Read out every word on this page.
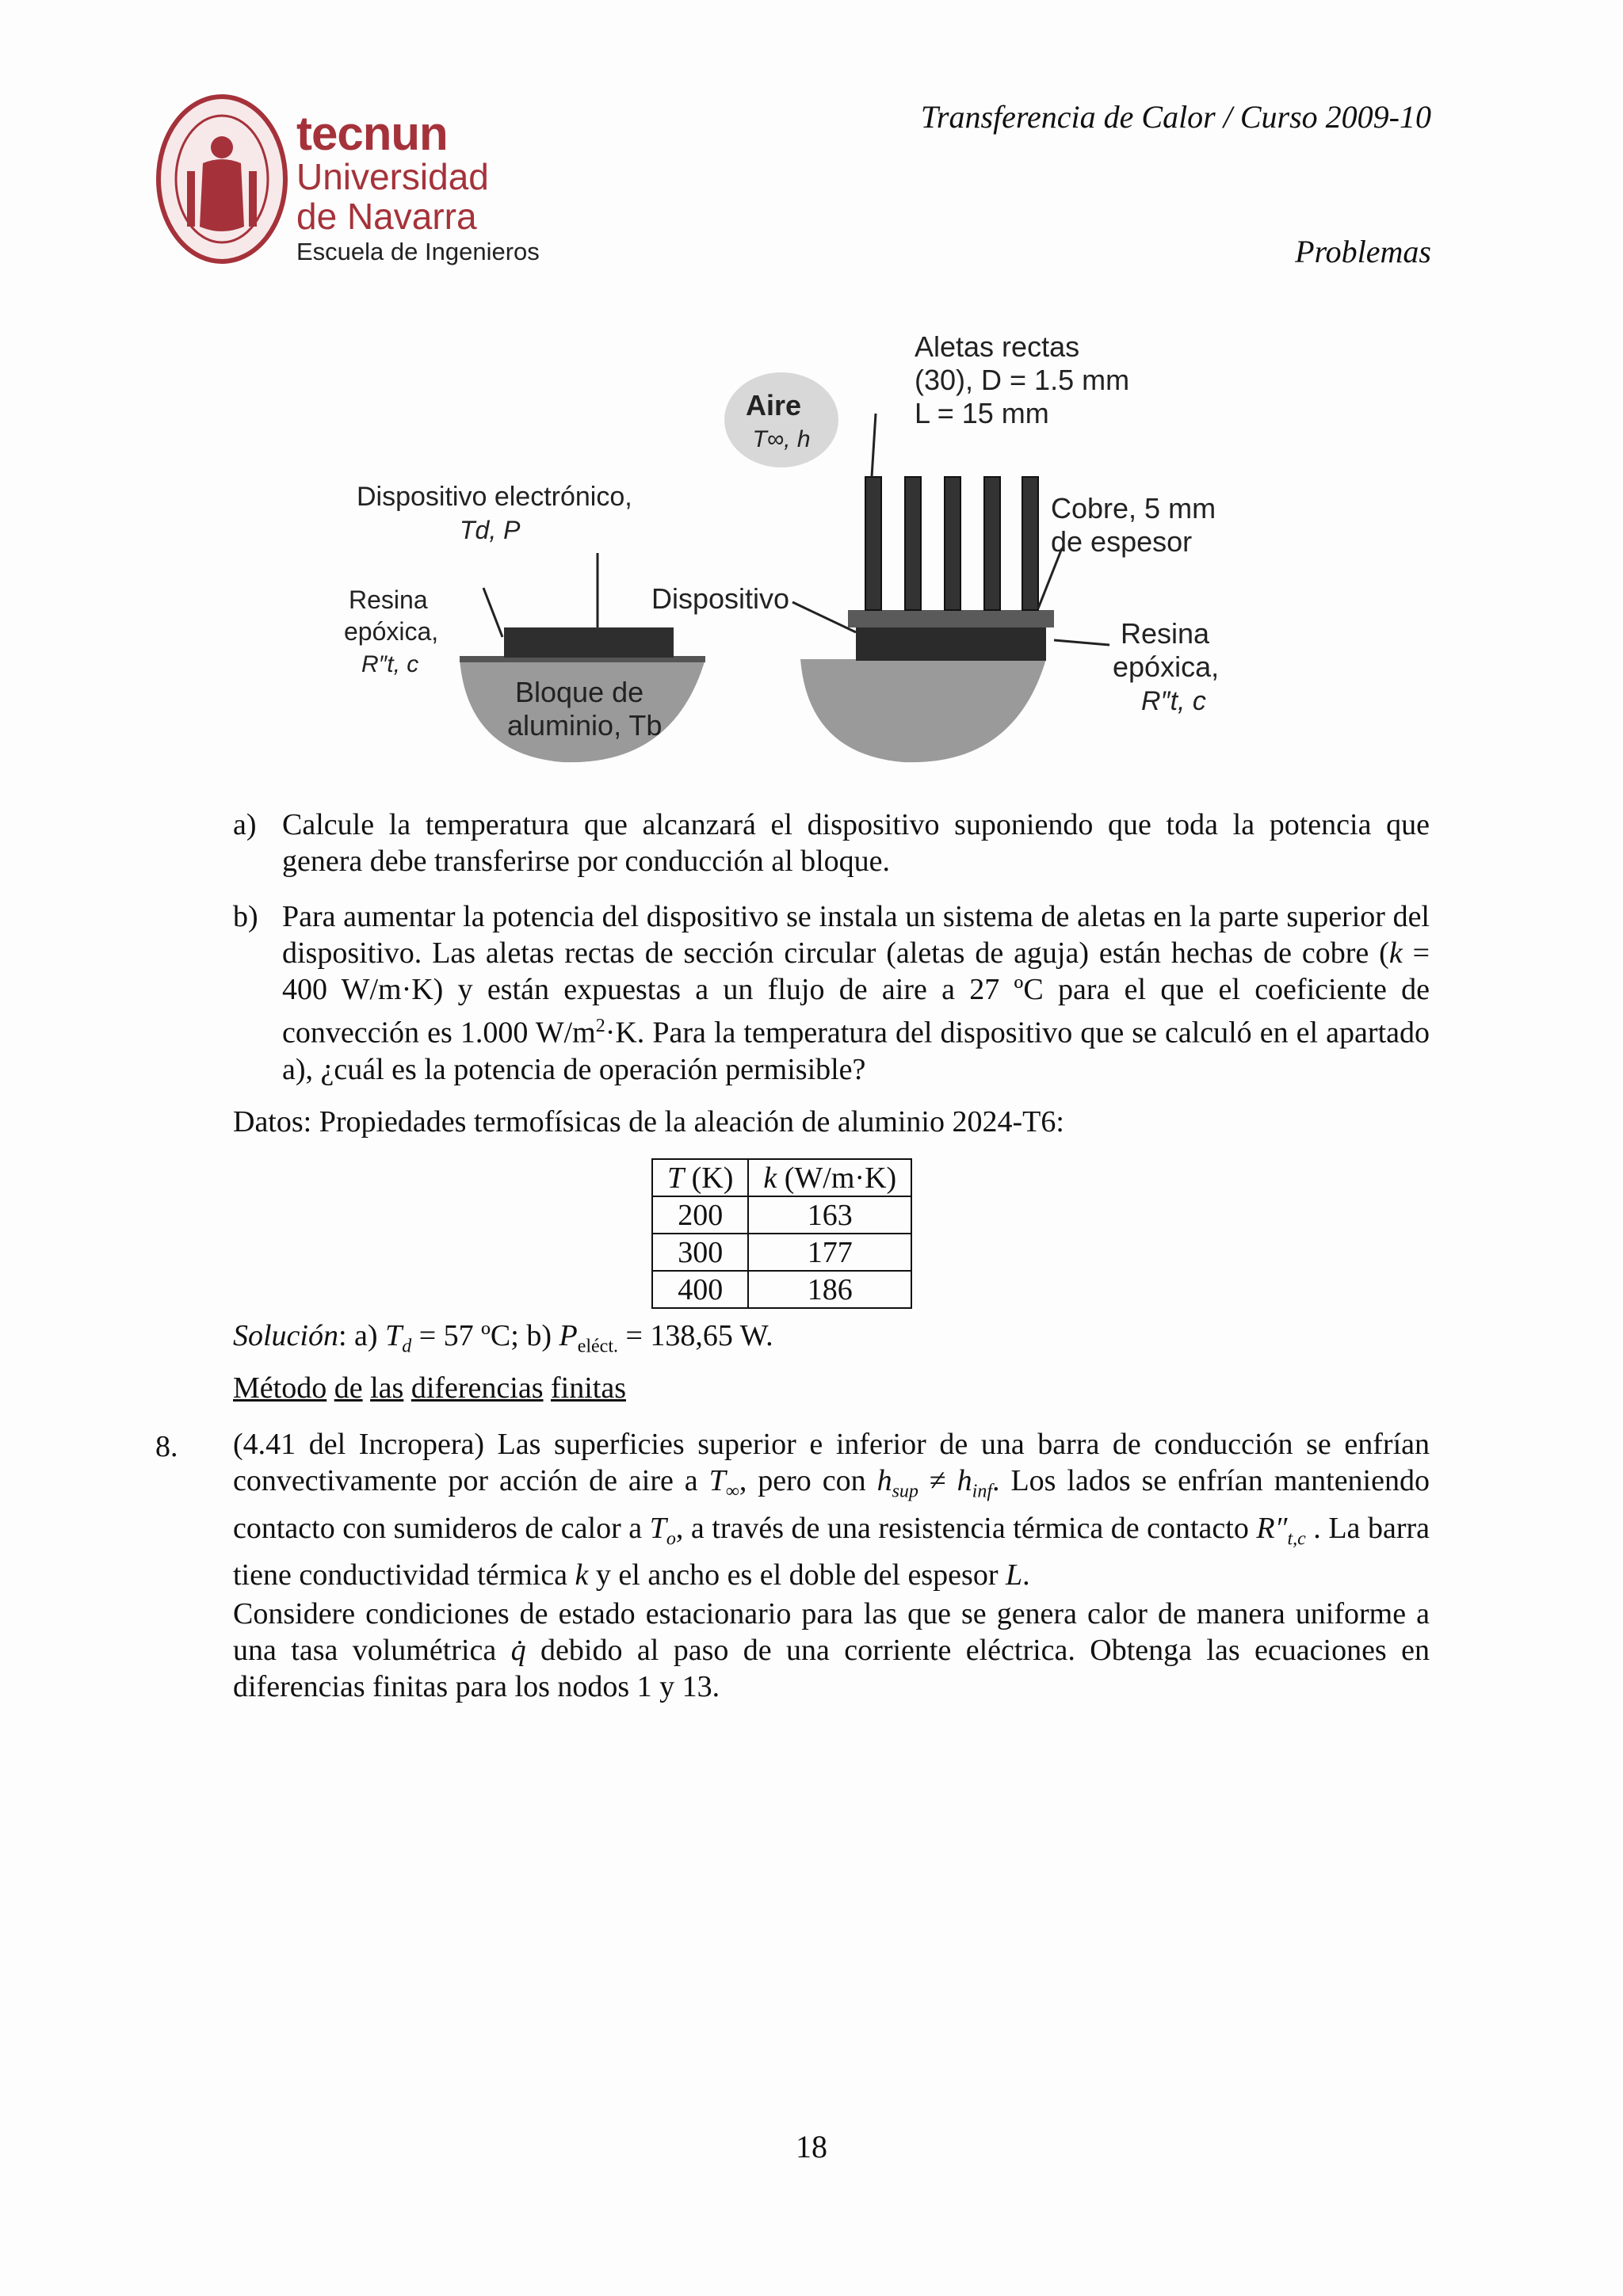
tecnun
Universidad
de Navarra
Escuela de Ingenieros
Transferencia de Calor / Curso 2009-10
Problemas
Aire
T∞, h
Aletas rectas
(30), D = 1.5 mm
L = 15 mm
Dispositivo electrónico,
Td, P
Cobre, 5 mm
de espesor
Resina
epóxica,
R″t, c
Dispositivo
Resina
epóxica,
R″t, c
Bloque de
aluminio, Tb
a) Calcule la temperatura que alcanzará el dispositivo suponiendo que toda la potencia que genera debe transferirse por conducción al bloque.
b) Para aumentar la potencia del dispositivo se instala un sistema de aletas en la parte superior del dispositivo. Las aletas rectas de sección circular (aletas de aguja) están hechas de cobre (k = 400 W/m·K) y están expuestas a un flujo de aire a 27 ºC para el que el coeficiente de convección es 1.000 $W/m^2\cdot K$. Para la temperatura del dispositivo que se calculó en el apartado a), ¿cuál es la potencia de operación permisible?
Datos: Propiedades termofísicas de la aleación de aluminio 2024-T6:
T (K)	k (W/m·K)
200	163
300	177
400	186
Solución: a) $T_d = 57$ ºC; b) $P_{eléct.} = 138,65$ W.
Método de las diferencias finitas
8. (4.41 del Incropera) Las superficies superior e inferior de una barra de conducción se enfrían convectivamente por acción de aire a $T_\infty$, pero con $h_{sup} \ne h_{inf}$. Los lados se enfrían manteniendo contacto con sumideros de calor a $T_o$, a través de una resistencia térmica de contacto $R''_{t,c}$ . La barra tiene conductividad térmica k y el ancho es el doble del espesor L.
Considere condiciones de estado estacionario para las que se genera calor de manera uniforme a una tasa volumétrica q̇ debido al paso de una corriente eléctrica. Obtenga las ecuaciones en diferencias finitas para los nodos 1 y 13.
18
